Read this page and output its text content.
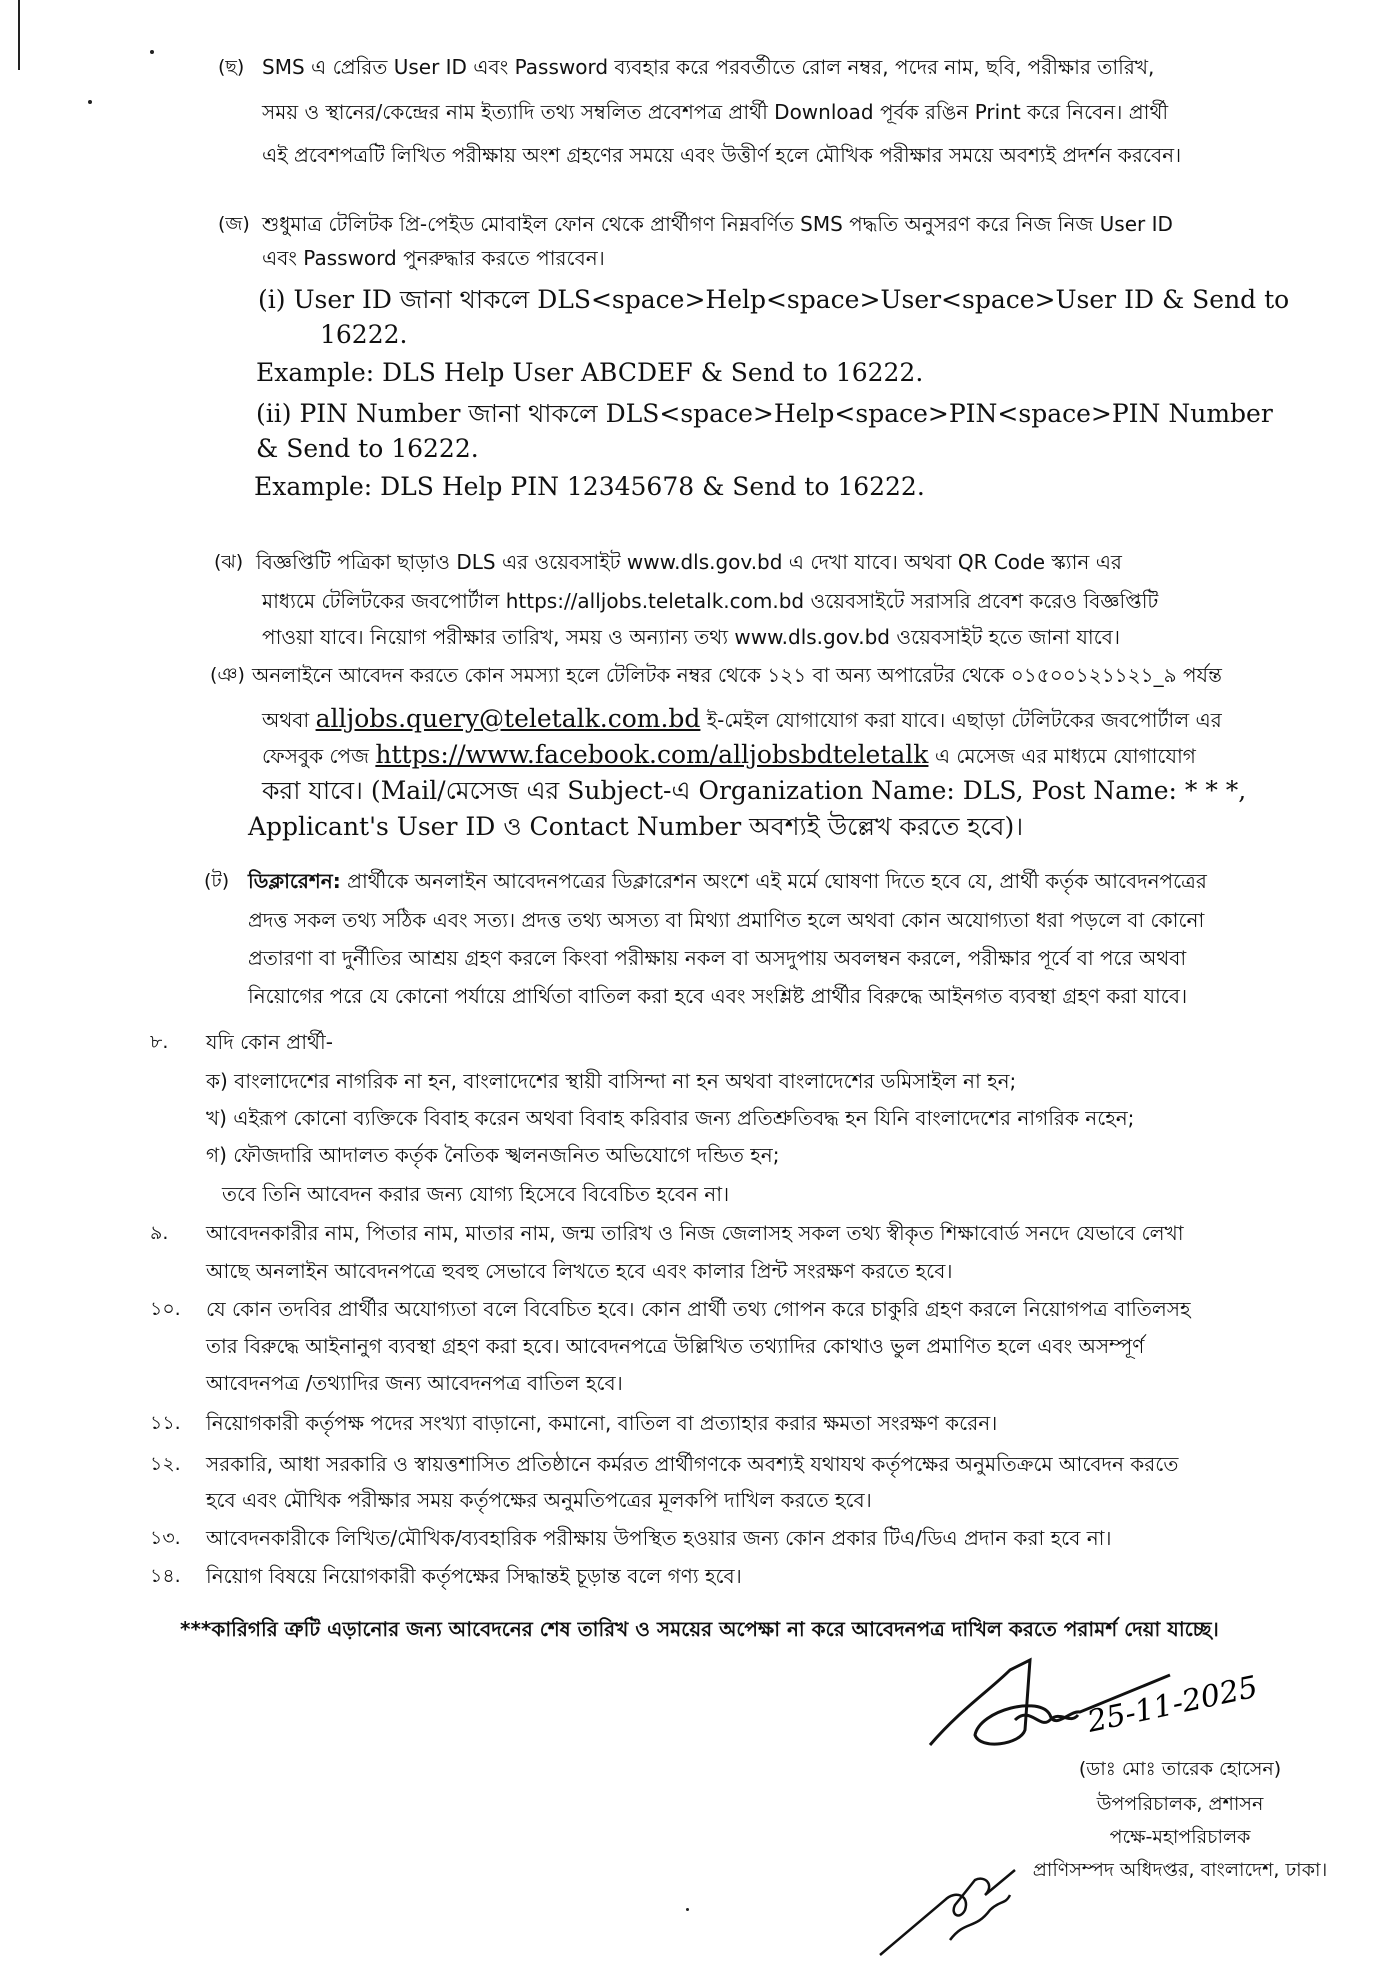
(ছ) SMS এ প্রেরিত User ID এবং Password ব্যবহার করে পরবর্তীতে রোল নম্বর, পদের নাম, ছবি, পরীক্ষার তারিখ,
সময় ও স্থানের/কেন্দ্রের নাম ইত্যাদি তথ্য সম্বলিত প্রবেশপত্র প্রার্থী Download পূর্বক রঙিন Print করে নিবেন। প্রার্থী
এই প্রবেশপত্রটি লিখিত পরীক্ষায় অংশ গ্রহণের সময়ে এবং উত্তীর্ণ হলে মৌখিক পরীক্ষার সময়ে অবশ্যই প্রদর্শন করবেন।
(জ) শুধুমাত্র টেলিটক প্রি-পেইড মোবাইল ফোন থেকে প্রার্থীগণ নিম্নবর্ণিত SMS পদ্ধতি অনুসরণ করে নিজ নিজ User ID
এবং Password পুনরুদ্ধার করতে পারবেন।
(i) User ID জানা থাকলে DLS<space>Help<space>User<space>User ID & Send to
16222.
Example: DLS Help User ABCDEF & Send to 16222.
(ii) PIN Number জানা থাকলে DLS<space>Help<space>PIN<space>PIN Number
& Send to 16222.
Example: DLS Help PIN 12345678 & Send to 16222.
(ঝ) বিজ্ঞপ্তিটি পত্রিকা ছাড়াও DLS এর ওয়েবসাইট www.dls.gov.bd এ দেখা যাবে। অথবা QR Code স্ক্যান এর
মাধ্যমে টেলিটকের জবপোর্টাল https://alljobs.teletalk.com.bd ওয়েবসাইটে সরাসরি প্রবেশ করেও বিজ্ঞপ্তিটি
পাওয়া যাবে। নিয়োগ পরীক্ষার তারিখ, সময় ও অন্যান্য তথ্য www.dls.gov.bd ওয়েবসাইট হতে জানা যাবে।
(ঞ) অনলাইনে আবেদন করতে কোন সমস্যা হলে টেলিটক নম্বর থেকে ১২১ বা অন্য অপারেটর থেকে ০১৫০০১২১১২১_৯ পর্যন্ত
অথবা alljobs.query@teletalk.com.bd ই-মেইল যোগাযোগ করা যাবে। এছাড়া টেলিটকের জবপোর্টাল এর
ফেসবুক পেজ https://www.facebook.com/alljobsbdteletalk এ মেসেজ এর মাধ্যমে যোগাযোগ
করা যাবে। (Mail/মেসেজ এর Subject-এ Organization Name: DLS, Post Name: * * *,
Applicant's User ID ও Contact Number অবশ্যই উল্লেখ করতে হবে)।
(ট) ডিক্লারেশন: প্রার্থীকে অনলাইন আবেদনপত্রের ডিক্লারেশন অংশে এই মর্মে ঘোষণা দিতে হবে যে, প্রার্থী কর্তৃক আবেদনপত্রের
প্রদত্ত সকল তথ্য সঠিক এবং সত্য। প্রদত্ত তথ্য অসত্য বা মিথ্যা প্রমাণিত হলে অথবা কোন অযোগ্যতা ধরা পড়লে বা কোনো
প্রতারণা বা দুর্নীতির আশ্রয় গ্রহণ করলে কিংবা পরীক্ষায় নকল বা অসদুপায় অবলম্বন করলে, পরীক্ষার পূর্বে বা পরে অথবা
নিয়োগের পরে যে কোনো পর্যায়ে প্রার্থিতা বাতিল করা হবে এবং সংশ্লিষ্ট প্রার্থীর বিরুদ্ধে আইনগত ব্যবস্থা গ্রহণ করা যাবে।
৮. যদি কোন প্রার্থী-
ক) বাংলাদেশের নাগরিক না হন, বাংলাদেশের স্থায়ী বাসিন্দা না হন অথবা বাংলাদেশের ডমিসাইল না হন;
খ) এইরূপ কোনো ব্যক্তিকে বিবাহ করেন অথবা বিবাহ করিবার জন্য প্রতিশ্রুতিবদ্ধ হন যিনি বাংলাদেশের নাগরিক নহেন;
গ) ফৌজদারি আদালত কর্তৃক নৈতিক স্খলনজনিত অভিযোগে দন্ডিত হন;
তবে তিনি আবেদন করার জন্য যোগ্য হিসেবে বিবেচিত হবেন না।
৯. আবেদনকারীর নাম, পিতার নাম, মাতার নাম, জন্ম তারিখ ও নিজ জেলাসহ সকল তথ্য স্বীকৃত শিক্ষাবোর্ড সনদে যেভাবে লেখা
আছে অনলাইন আবেদনপত্রে হুবহু সেভাবে লিখতে হবে এবং কালার প্রিন্ট সংরক্ষণ করতে হবে।
১০. যে কোন তদবির প্রার্থীর অযোগ্যতা বলে বিবেচিত হবে। কোন প্রার্থী তথ্য গোপন করে চাকুরি গ্রহণ করলে নিয়োগপত্র বাতিলসহ
তার বিরুদ্ধে আইনানুগ ব্যবস্থা গ্রহণ করা হবে। আবেদনপত্রে উল্লিখিত তথ্যাদির কোথাও ভুল প্রমাণিত হলে এবং অসম্পূর্ণ
আবেদনপত্র /তথ্যাদির জন্য আবেদনপত্র বাতিল হবে।
১১. নিয়োগকারী কর্তৃপক্ষ পদের সংখ্যা বাড়ানো, কমানো, বাতিল বা প্রত্যাহার করার ক্ষমতা সংরক্ষণ করেন।
১২. সরকারি, আধা সরকারি ও স্বায়ত্তশাসিত প্রতিষ্ঠানে কর্মরত প্রার্থীগণকে অবশ্যই যথাযথ কর্তৃপক্ষের অনুমতিক্রমে আবেদন করতে
হবে এবং মৌখিক পরীক্ষার সময় কর্তৃপক্ষের অনুমতিপত্রের মূলকপি দাখিল করতে হবে।
১৩. আবেদনকারীকে লিখিত/মৌখিক/ব্যবহারিক পরীক্ষায় উপস্থিত হওয়ার জন্য কোন প্রকার টিএ/ডিএ প্রদান করা হবে না।
১৪. নিয়োগ বিষয়ে নিয়োগকারী কর্তৃপক্ষের সিদ্ধান্তই চূড়ান্ত বলে গণ্য হবে।
***কারিগরি ত্রুটি এড়ানোর জন্য আবেদনের শেষ তারিখ ও সময়ের অপেক্ষা না করে আবেদনপত্র দাখিল করতে পরামর্শ দেয়া যাচ্ছে।
25-11-2025
(ডাঃ মোঃ তারেক হোসেন)
উপপরিচালক, প্রশাসন
পক্ষে-মহাপরিচালক
প্রাণিসম্পদ অধিদপ্তর, বাংলাদেশ, ঢাকা।
